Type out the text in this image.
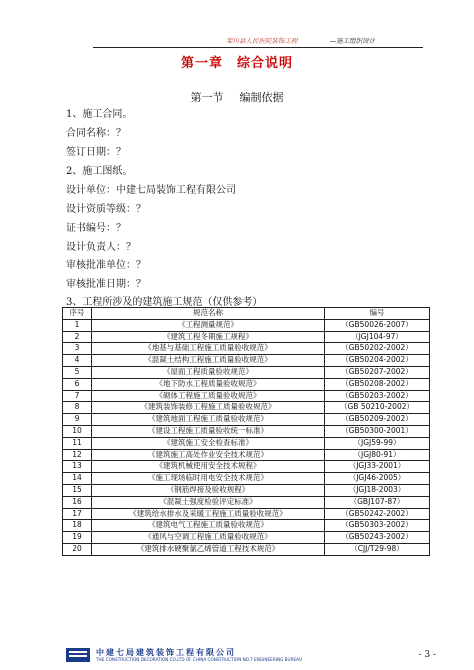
栾川县人民医院装饰工程	—施工组织设计
第一章 综合说明
第一节 编制依据
1、施工合同。
合同名称：？
签订日期：？
2、施工图纸。
设计单位：中建七局装饰工程有限公司
设计资质等级：？
证书编号：？
设计负责人：？
审核批准单位：？
审核批准日期：？
3、工程所涉及的建筑施工规范（仅供参考）
序号	规范名称	编号
1	《工程测量规范》	（GB50026-2007）
2	《建筑工程冬期施工规程》	（JGJ104-97）
3	《地基与基础工程施工质量验收规范》	（GB50202-2002）
4	《混凝土结构工程施工质量验收规范》	（GB50204-2002）
5	《屋面工程质量验收规范》	（GB50207-2002）
6	《地下防水工程质量验收规范》	（GB50208-2002）
7	《砌体工程施工质量验收规范》	（GB50203-2002）
8	《建筑装饰装修工程施工质量验收规范》	（GB 50210-2002）
9	《建筑地面工程施工质量验收规范》	（GB50209-2002）
10	《建设工程施工质量验收统一标准》	（GB50300-2001）
11	《建筑施工安全检查标准》	（JGJ59-99）
12	《建筑施工高处作业安全技术规范》	（JGJ80-91）
13	《建筑机械使用安全技术规程》	（JGJ33-2001）
14	《施工现场临时用电安全技术规范》	（JGJ46-2005）
15	《钢筋焊接及验收规程》	（JGJ18-2003）
16	《混凝土强度检验评定标准》	（GBJ107-87）
17	《建筑给水排水及采暖工程施工质量验收规范》	（GB50242-2002）
18	《建筑电气工程施工质量验收规范》	（GB50303-2002）
19	《通风与空调工程施工质量验收规范》	（GB50243-2002）
20	《建筑排水硬聚氯乙烯管道工程技术规范》	（CJJ/T29-98）
中建七局建筑装饰工程有限公司
THE CONSTRUCTION DECORATION CO.LTD OF CHINA CONSTRUCTION NO.7 ENGINEERING BUREAU	- 3 -
